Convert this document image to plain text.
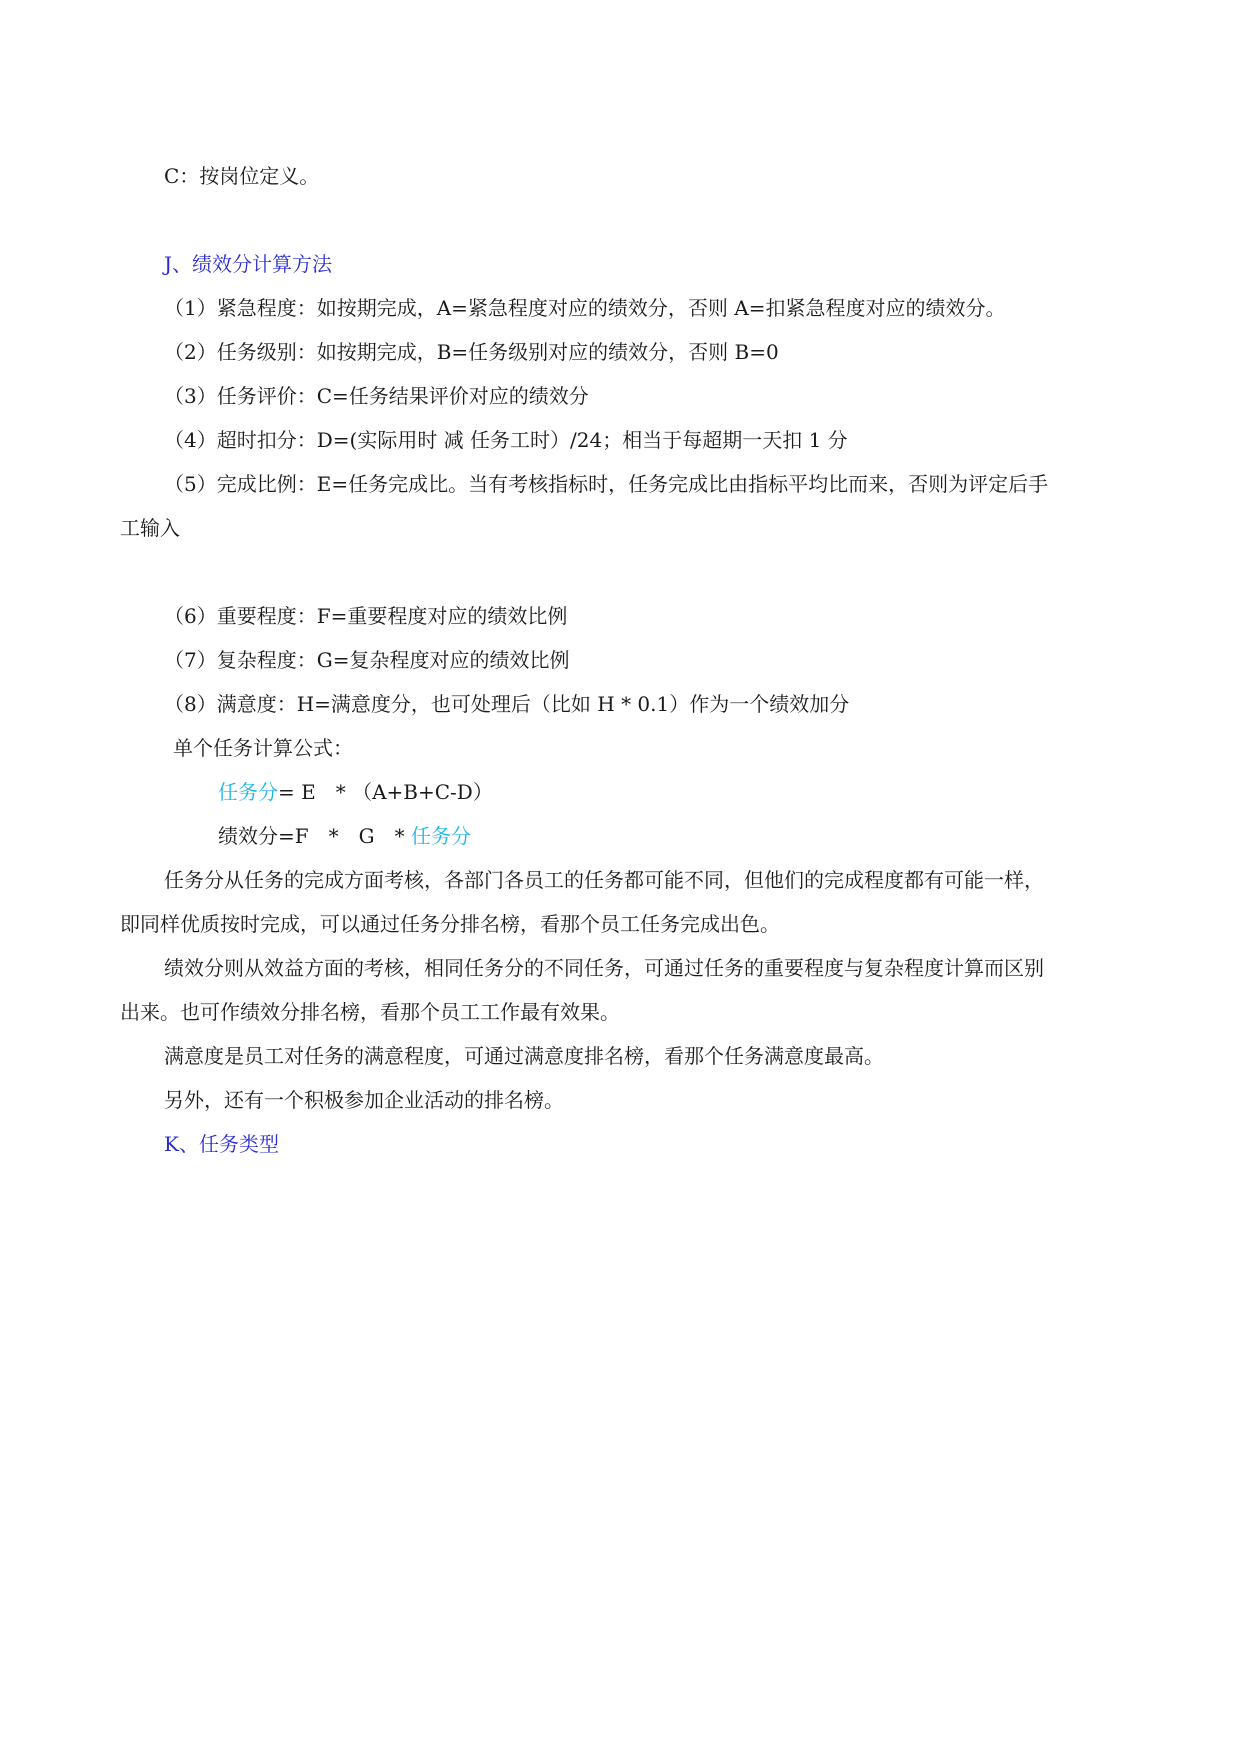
C：按岗位定义。
J、绩效分计算方法
（1）紧急程度：如按期完成，A=紧急程度对应的绩效分，否则 A=扣紧急程度对应的绩效分。
（2）任务级别：如按期完成，B=任务级别对应的绩效分，否则 B=0
（3）任务评价：C=任务结果评价对应的绩效分
（4）超时扣分：D=(实际用时 减 任务工时）/24；相当于每超期一天扣 1 分
（5）完成比例：E=任务完成比。当有考核指标时，任务完成比由指标平均比而来，否则为评定后手
工输入
（6）重要程度：F=重要程度对应的绩效比例
（7）复杂程度：G=复杂程度对应的绩效比例
（8）满意度：H=满意度分，也可处理后（比如 H * 0.1）作为一个绩效加分
单个任务计算公式：
任务分= E　* （A+B+C-D）
绩效分=F　*　G　* 任务分
任务分从任务的完成方面考核，各部门各员工的任务都可能不同，但他们的完成程度都有可能一样，
即同样优质按时完成，可以通过任务分排名榜，看那个员工任务完成出色。
绩效分则从效益方面的考核，相同任务分的不同任务，可通过任务的重要程度与复杂程度计算而区别
出来。也可作绩效分排名榜，看那个员工工作最有效果。
满意度是员工对任务的满意程度，可通过满意度排名榜，看那个任务满意度最高。
另外，还有一个积极参加企业活动的排名榜。
K、任务类型
